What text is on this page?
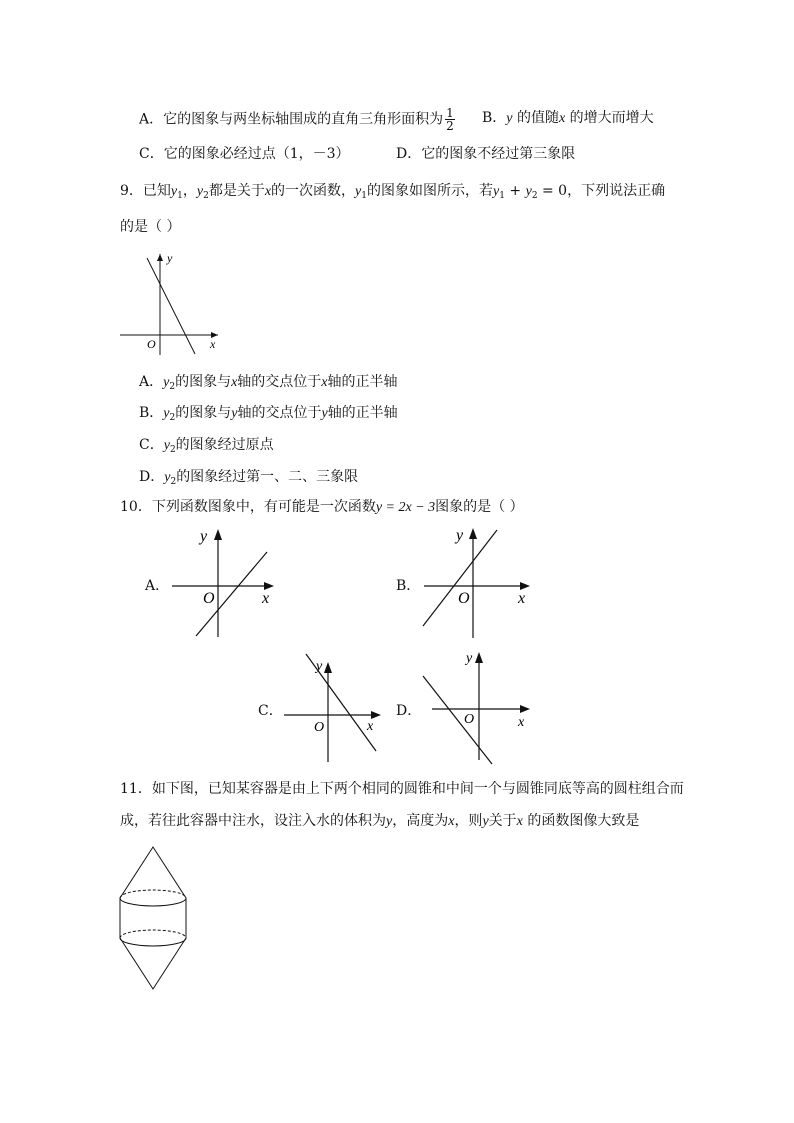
A．它的图象与两坐标轴围成的直角三角形面积为 $\frac{1}{2}$ B．y 的值随x 的增大而增大
C．它的图象必经过点（1，－3）	D．它的图象不经过第三象限
9．已知$y_1$，$y_2$都是关于x的一次函数，$y_1$的图象如图所示，若$y_1 + y_2 = 0$，下列说法正确
的是（ ）
y
x
O
A．$y_2$的图象与x轴的交点位于x轴的正半轴
B．$y_2$的图象与y轴的交点位于y轴的正半轴
C．$y_2$的图象经过原点
D．$y_2$的图象经过第一、二、三象限
10．下列函数图象中，有可能是一次函数y = 2x − 3图象的是（ ）
A．
y
x
O
B．
y
x
O
C．
y
x
O
D．
y
x
O
11．如下图，已知某容器是由上下两个相同的圆锥和中间一个与圆锥同底等高的圆柱组合而
成，若往此容器中注水，设注入水的体积为y，高度为x，则y关于x 的函数图像大致是
